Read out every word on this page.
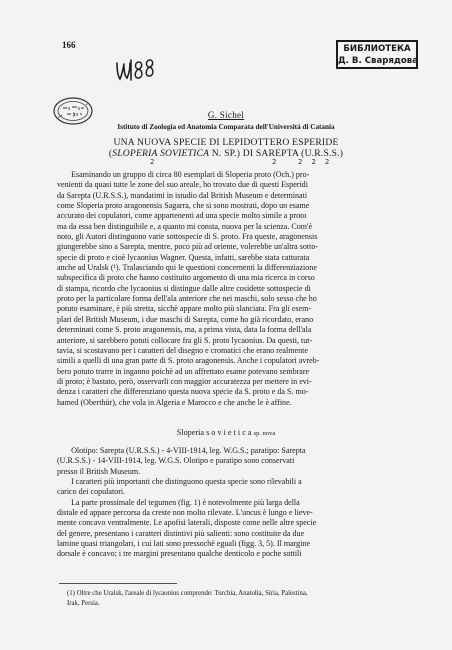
166	БИБЛИОТЕКА
Д. В. Сварядова
G. Sichel
Istituto di Zoologia ed Anatomia Comparata dell'Università di Catania
UNA NUOVA SPECIE DI LEPIDOTTERO ESPERIDE
(SLOPERIA SOVIETICA N. SP.) DI SAREPTA (U.R.S.S.)
2	2 222
Esaminando un gruppo di circa 80 esemplari di Sloperia proto (Och.) pro-
venienti da quasi tutte le zone del suo areale, ho trovato due di questi Esperidi
da Sarepta (U.R.S.S.), mandatimi in istudio dal British Museum e determinati
come Sloperia proto aragonensis Sagarra, che si sono mostrati, dopo un esame
accurato dei copulatori, come appartenenti ad una specie molto simile a proto
ma da essa ben distinguibile e, a quanto mi consta, nuova per la scienza. Com'è
noto, gli Autori distinguono varie sottospecie di S. proto. Fra queste, aragonensis
giungerebbe sino a Sarepta, mentre, poco più ad oriente, volerebbe un'altra sotto-
specie di proto e cioè lycaonius Wagner. Questa, infatti, sarebbe stata catturata
anche ad Uralsk (¹). Tralasciando qui le questioni concernenti la differenziazione
subspecifica di proto che hanno costituito argomento di una mia ricerca in corso
di stampa, ricordo che lycaonius si distingue dalle altre cosidette sottospecie di
proto per la particolare forma dell'ala anteriore che nei maschi, solo sesso che ho
potuto esaminare, è più stretta, sicchè appare molto più slanciata. Fra gli esem-
plari del British Museum, i due maschi di Sarepta, come ho già ricordato, erano
determinati come S. proto aragonensis, ma, a prima vista, data la forma dell'ala
anteriore, si sarebbero potuti collocare fra gli S. proto lycaonius. Da questi, tut-
tavia, si scostavano per i caratteri del disegno e cromatici che erano realmente
simili a quelli di una gran parte di S. proto aragonensis. Anche i copulatori avreb-
bero potuto trarre in inganno poichè ad un affrettato esame potevano sembrare
di proto; è bastato, però, osservarli con maggior accuratezza per mettere in evi-
denza i caratteri che differenziano questa nuova specie da S. proto e da S. mo-
hamed (Oberthür), che vola in Algeria e Marocco e che anche le è affine.
Sloperia s o v i e t i c a sp. nova
Olotipo: Sarepta (U.R.S.S.) - 4-VIII-1914, leg. W.G.S.; paratipo: Sarepta
(U.R.S.S.) - 14-VIII-1914, leg. W.G.S. Olotipo e paratipo sono conservati
presso il British Museum.
I caratteri più importanti che distinguono questa specie sono rilevabili a
carico dei copulatori.
La parte prossimale del tegumen (fig. 1) è notevolmente più larga della
distale ed appare percorsa da creste non molto rilevate. L'uncus è lungo e lieve-
mente concavo ventralmente. Le apofisi laterali, disposte come nelle altre specie
del genere, presentano i caratteri distintivi più salienti: sono costituite da due
lamine quasi triangolari, i cui lati sono pressochè eguali (figg. 3, 5). Il margine
dorsale è concavo; i tre margini presentano qualche denticolo e poche sottili
(1) Oltre che Uralsk, l'areale di lycaonius comprende: Turchia, Anatolia, Siria, Palestina,
Irak, Persia.
